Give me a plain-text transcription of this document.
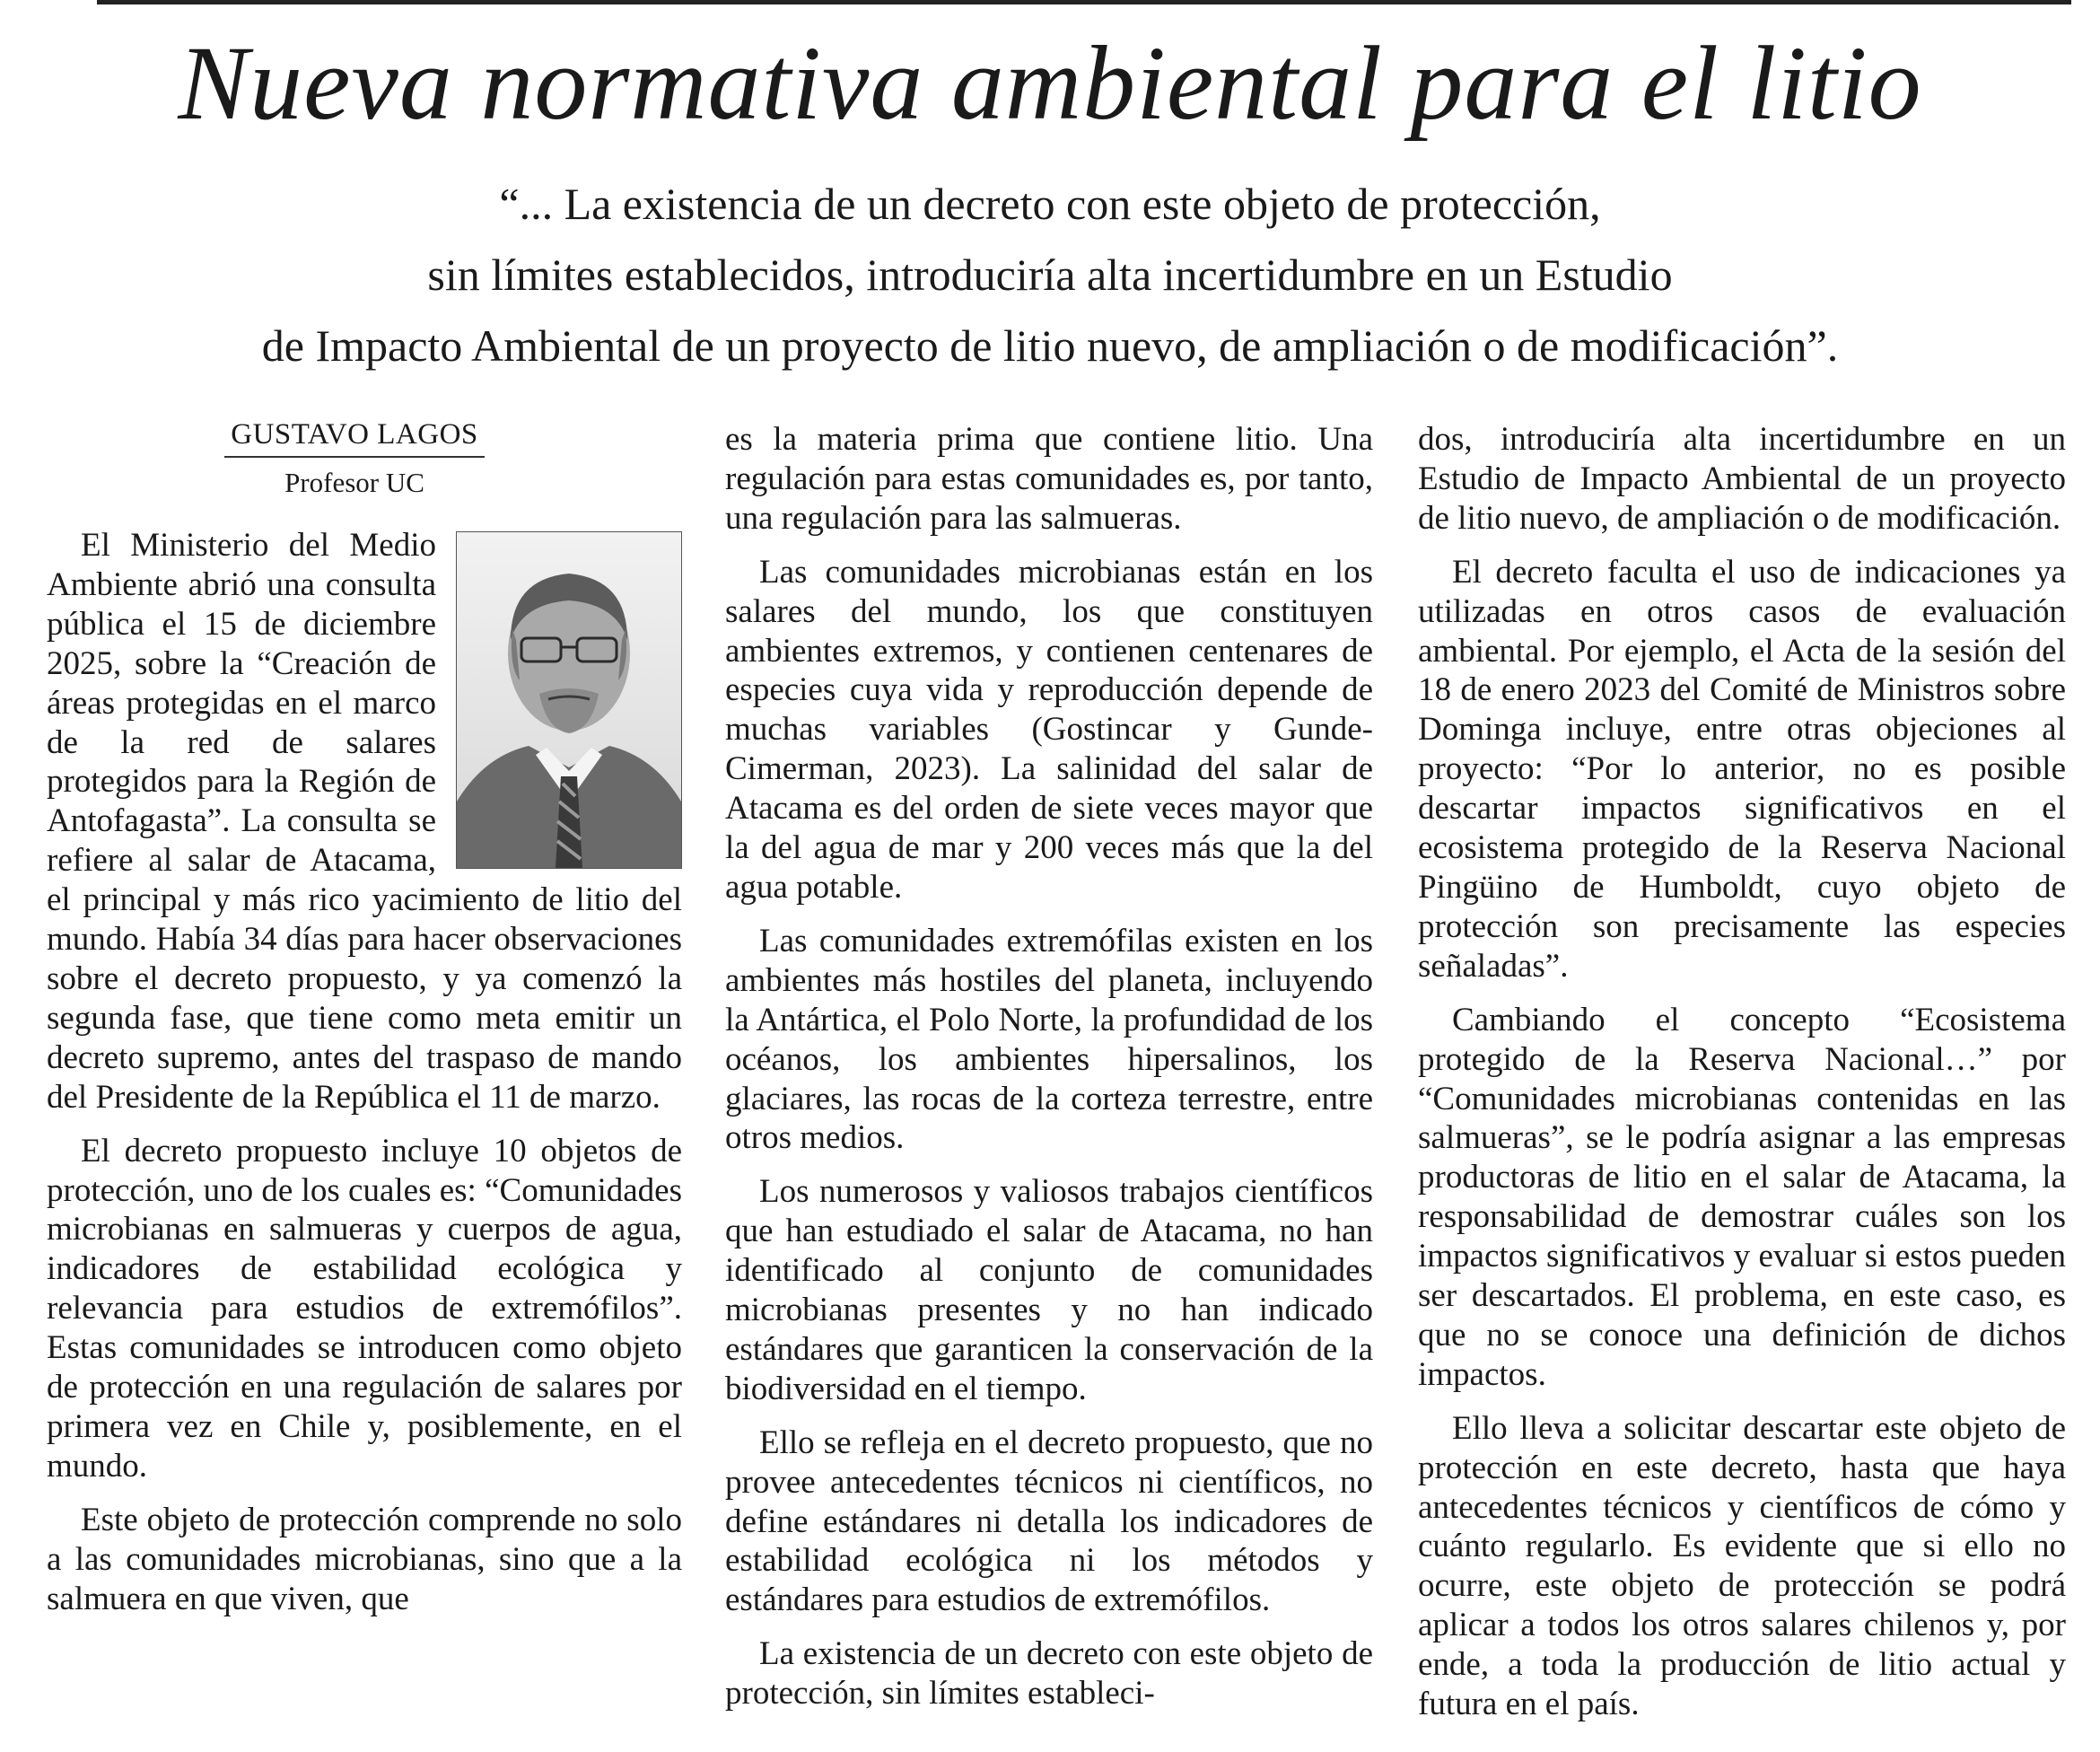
Nueva normativa ambiental para el litio
“... La existencia de un decreto con este objeto de protección,
sin límites establecidos, introduciría alta incertidumbre en un Estudio
de Impacto Ambiental de un proyecto de litio nuevo, de ampliación o de modificación”.
GUSTAVO LAGOS
Profesor UC

El Ministerio del Medio Ambiente abrió una consulta pública el 15 de diciembre 2025, sobre la “Creación de áreas protegidas en el marco de la red de salares protegidos para la Región de Antofagasta”. La consulta se refiere al salar de Atacama, el principal y más rico yacimiento de litio del mundo. Había 34 días para hacer observaciones sobre el decreto propuesto, y ya comenzó la segunda fase, que tiene como meta emitir un decreto supremo, antes del traspaso de mando del Presidente de la República el 11 de marzo.

El decreto propuesto incluye 10 objetos de protección, uno de los cuales es: “Comunidades microbianas en salmueras y cuerpos de agua, indicadores de estabilidad ecológica y relevancia para estudios de extremófilos”. Estas comunidades se introducen como objeto de protección en una regulación de salares por primera vez en Chile y, posiblemente, en el mundo.

Este objeto de protección comprende no solo a las comunidades microbianas, sino que a la salmuera en que viven, que

es la materia prima que contiene litio. Una regulación para estas comunidades es, por tanto, una regulación para las salmueras.

Las comunidades microbianas están en los salares del mundo, los que constituyen ambientes extremos, y contienen centenares de especies cuya vida y reproducción depende de muchas variables (Gostincar y Gunde-Cimerman, 2023). La salinidad del salar de Atacama es del orden de siete veces mayor que la del agua de mar y 200 veces más que la del agua potable.

Las comunidades extremófilas existen en los ambientes más hostiles del planeta, incluyendo la Antártica, el Polo Norte, la profundidad de los océanos, los ambientes hipersalinos, los glaciares, las rocas de la corteza terrestre, entre otros medios.

Los numerosos y valiosos trabajos científicos que han estudiado el salar de Atacama, no han identificado al conjunto de comunidades microbianas presentes y no han indicado estándares que garanticen la conservación de la biodiversidad en el tiempo.

Ello se refleja en el decreto propuesto, que no provee antecedentes técnicos ni científicos, no define estándares ni detalla los indicadores de estabilidad ecológica ni los métodos y estándares para estudios de extremófilos.

La existencia de un decreto con este objeto de protección, sin límites estableci-

dos, introduciría alta incertidumbre en un Estudio de Impacto Ambiental de un proyecto de litio nuevo, de ampliación o de modificación.

El decreto faculta el uso de indicaciones ya utilizadas en otros casos de evaluación ambiental. Por ejemplo, el Acta de la sesión del 18 de enero 2023 del Comité de Ministros sobre Dominga incluye, entre otras objeciones al proyecto: “Por lo anterior, no es posible descartar impactos significativos en el ecosistema protegido de la Reserva Nacional Pingüino de Humboldt, cuyo objeto de protección son precisamente las especies señaladas”.

Cambiando el concepto “Ecosistema protegido de la Reserva Nacional…” por “Comunidades microbianas contenidas en las salmueras”, se le podría asignar a las empresas productoras de litio en el salar de Atacama, la responsabilidad de demostrar cuáles son los impactos significativos y evaluar si estos pueden ser descartados. El problema, en este caso, es que no se conoce una definición de dichos impactos.

Ello lleva a solicitar descartar este objeto de protección en este decreto, hasta que haya antecedentes técnicos y científicos de cómo y cuánto regularlo. Es evidente que si ello no ocurre, este objeto de protección se podrá aplicar a todos los otros salares chilenos y, por ende, a toda la producción de litio actual y futura en el país.
